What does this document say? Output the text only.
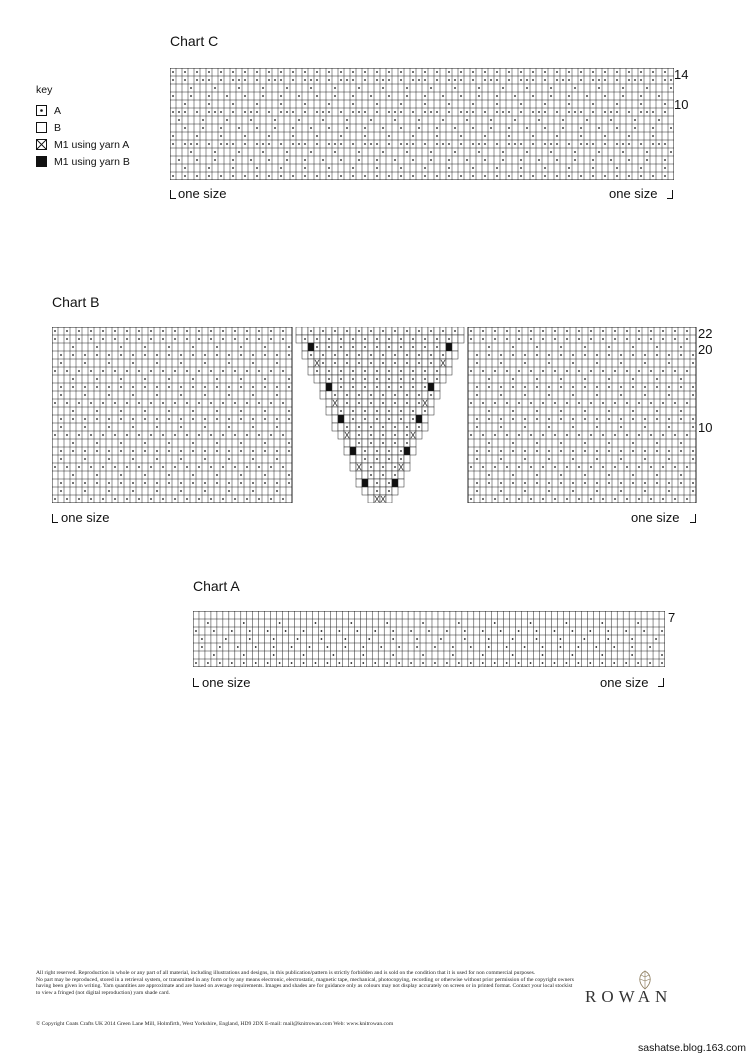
Chart C
14
10
one size	one size
key
A
B
M1 using yarn A
M1 using yarn B
Chart B
22
20
10
one size	one size
Chart A
7
one size	one size

All right reserved. Reproduction in whole or any part of all material, including illustrations and designs, in this publication/pattern is strictly forbidden and is sold on the condition that it is used for non commercial purposes.

No part may be reproduced, stored in a retrieval system, or transmitted in any form or by any means electronic, electrostatic, magnetic tape, mechanical, photocopying, recording or otherwise without prior permission of the copyright owners having been given in writing. Yarn quantities are approximate and are based on average requirements. Images and shades are for guidance only as colours may not display accurately on screen or in printed format. Contact your local stockist to view a fringed (not digital reproduction) yarn shade card.

© Copyright Coats Crafts UK 2014 Green Lane Mill, Holmfirth, West Yorkshire, England, HD9 2DX E-mail: mail@knitrowan.com Web: www.knitrowan.com
ROWAN
sashatse.blog.163.com
